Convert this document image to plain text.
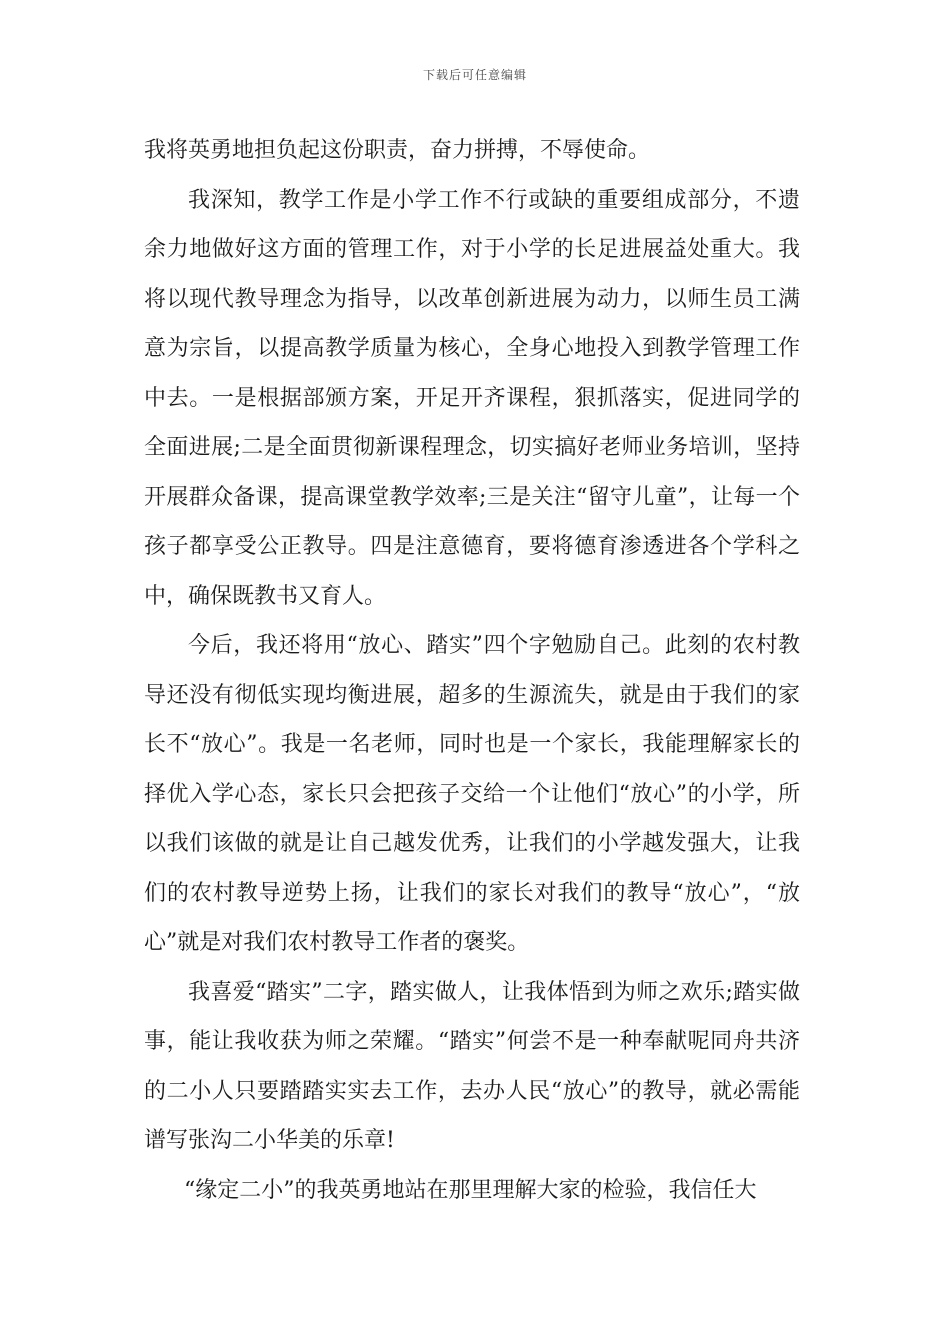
下载后可任意编辑

我将英勇地担负起这份职责，奋力拼搏，不辱使命。

我深知，教学工作是小学工作不行或缺的重要组成部分，不遗余力地做好这方面的管理工作，对于小学的长足进展益处重大。我将以现代教导理念为指导，以改革创新进展为动力，以师生员工满意为宗旨，以提高教学质量为核心，全身心地投入到教学管理工作中去。一是根据部颁方案，开足开齐课程，狠抓落实，促进同学的全面进展;二是全面贯彻新课程理念，切实搞好老师业务培训，坚持开展群众备课，提高课堂教学效率;三是关注“留守儿童”，让每一个孩子都享受公正教导。四是注意德育，要将德育渗透进各个学科之中，确保既教书又育人。

今后，我还将用“放心、踏实”四个字勉励自己。此刻的农村教导还没有彻低实现均衡进展，超多的生源流失，就是由于我们的家长不“放心”。我是一名老师，同时也是一个家长，我能理解家长的择优入学心态，家长只会把孩子交给一个让他们“放心”的小学，所以我们该做的就是让自己越发优秀，让我们的小学越发强大，让我们的农村教导逆势上扬，让我们的家长对我们的教导“放心”，“放心”就是对我们农村教导工作者的褒奖。

我喜爱“踏实”二字，踏实做人，让我体悟到为师之欢乐;踏实做事，能让我收获为师之荣耀。“踏实”何尝不是一种奉献呢同舟共济的二小人只要踏踏实实去工作，去办人民“放心”的教导，就必需能谱写张沟二小华美的乐章!

“缘定二小”的我英勇地站在那里理解大家的检验，我信任大
